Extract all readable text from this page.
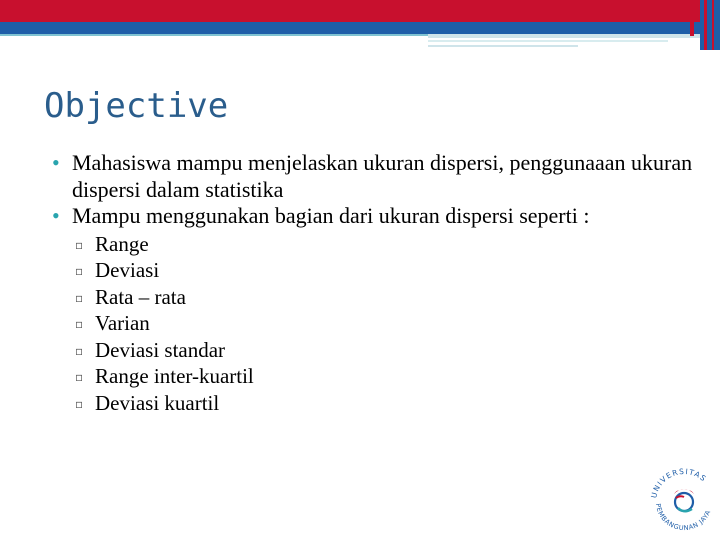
Objective
• Mahasiswa mampu menjelaskan ukuran dispersi, penggunaaan ukuran dispersi dalam statistika
• Mampu menggunakan bagian dari ukuran dispersi seperti :
▫ Range
▫ Deviasi
▫ Rata – rata
▫ Varian
▫ Deviasi standar
▫ Range inter-kuartil
▫ Deviasi kuartil
UNIVERSITAS
PEMBANGUNAN JAYA
